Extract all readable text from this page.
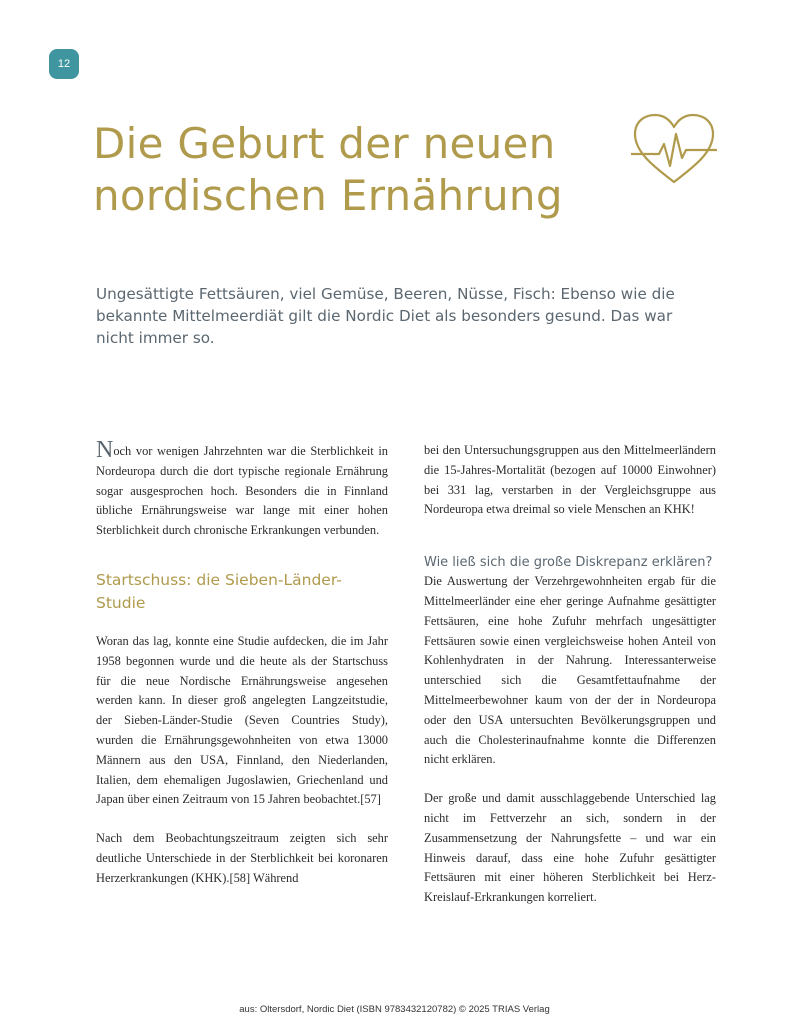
12
Die Geburt der neuen
nordischen Ernährung

Ungesättigte Fettsäuren, viel Gemüse, Beeren, Nüsse, Fisch: Ebenso wie die bekannte Mittelmeerdiät gilt die Nordic Diet als besonders gesund. Das war nicht immer so.

Noch vor wenigen Jahrzehnten war die Sterblichkeit in Nordeuropa durch die dort typische regionale Ernährung sogar ausgesprochen hoch. Besonders die in Finnland übliche Ernährungsweise war lange mit einer hohen Sterblichkeit durch chronische Erkrankungen verbunden.

Startschuss: die Sieben-Länder-
Studie

Woran das lag, konnte eine Studie aufdecken, die im Jahr 1958 begonnen wurde und die heute als der Startschuss für die neue Nordische Ernährungsweise angesehen werden kann. In dieser groß angelegten Langzeitstudie, der Sieben-Länder-Studie (Seven Countries Study), wurden die Ernährungsgewohnheiten von etwa 13000 Männern aus den USA, Finnland, den Niederlanden, Italien, dem ehemaligen Jugoslawien, Griechenland und Japan über einen Zeitraum von 15 Jahren beobachtet.[57]

Nach dem Beobachtungszeitraum zeigten sich sehr deutliche Unterschiede in der Sterblichkeit bei koronaren Herzerkrankungen (KHK).[58] Während

bei den Untersuchungsgruppen aus den Mittelmeerländern die 15-Jahres-Mortalität (bezogen auf 10000 Einwohner) bei 331 lag, verstarben in der Vergleichsgruppe aus Nordeuropa etwa dreimal so viele Menschen an KHK!

Wie ließ sich die große Diskrepanz erklären?

Die Auswertung der Verzehrgewohnheiten ergab für die Mittelmeerländer eine eher geringe Aufnahme gesättigter Fettsäuren, eine hohe Zufuhr mehrfach ungesättigter Fettsäuren sowie einen vergleichsweise hohen Anteil von Kohlenhydraten in der Nahrung. Interessanterweise unterschied sich die Gesamtfettaufnahme der Mittelmeerbewohner kaum von der der in Nordeuropa oder den USA untersuchten Bevölkerungsgruppen und auch die Cholesterinaufnahme konnte die Differenzen nicht erklären.

Der große und damit ausschlaggebende Unterschied lag nicht im Fettverzehr an sich, sondern in der Zusammensetzung der Nahrungsfette – und war ein Hinweis darauf, dass eine hohe Zufuhr gesättigter Fettsäuren mit einer höheren Sterblichkeit bei Herz-Kreislauf-Erkrankungen korreliert.

aus: Oltersdorf, Nordic Diet (ISBN 9783432120782) © 2025 TRIAS Verlag
